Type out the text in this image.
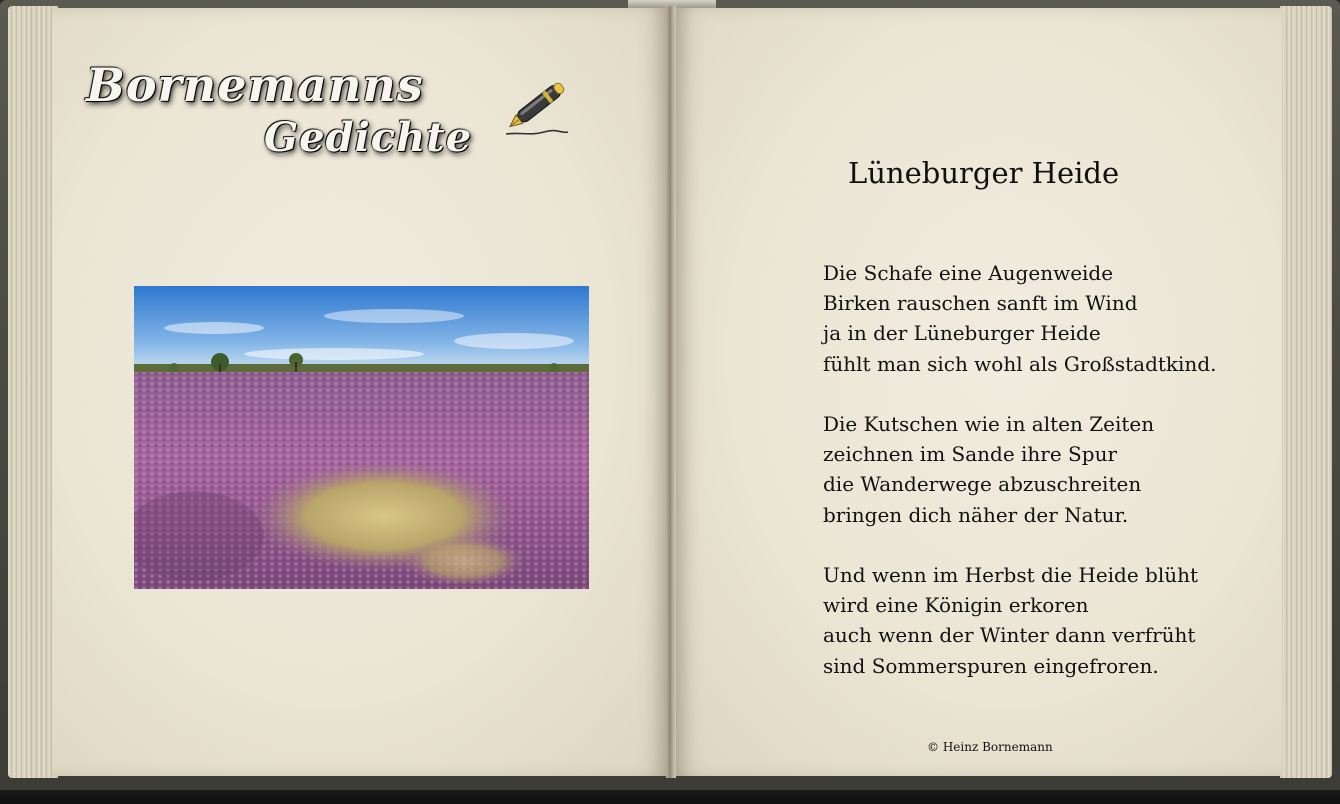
Bornemanns
Gedichte
Lüneburger Heide
Die Schafe eine Augenweide
Birken rauschen sanft im Wind
ja in der Lüneburger Heide
fühlt man sich wohl als Großstadtkind.
Die Kutschen wie in alten Zeiten
zeichnen im Sande ihre Spur
die Wanderwege abzuschreiten
bringen dich näher der Natur.
Und wenn im Herbst die Heide blüht
wird eine Königin erkoren
auch wenn der Winter dann verfrüht
sind Sommerspuren eingefroren.
© Heinz Bornemann
